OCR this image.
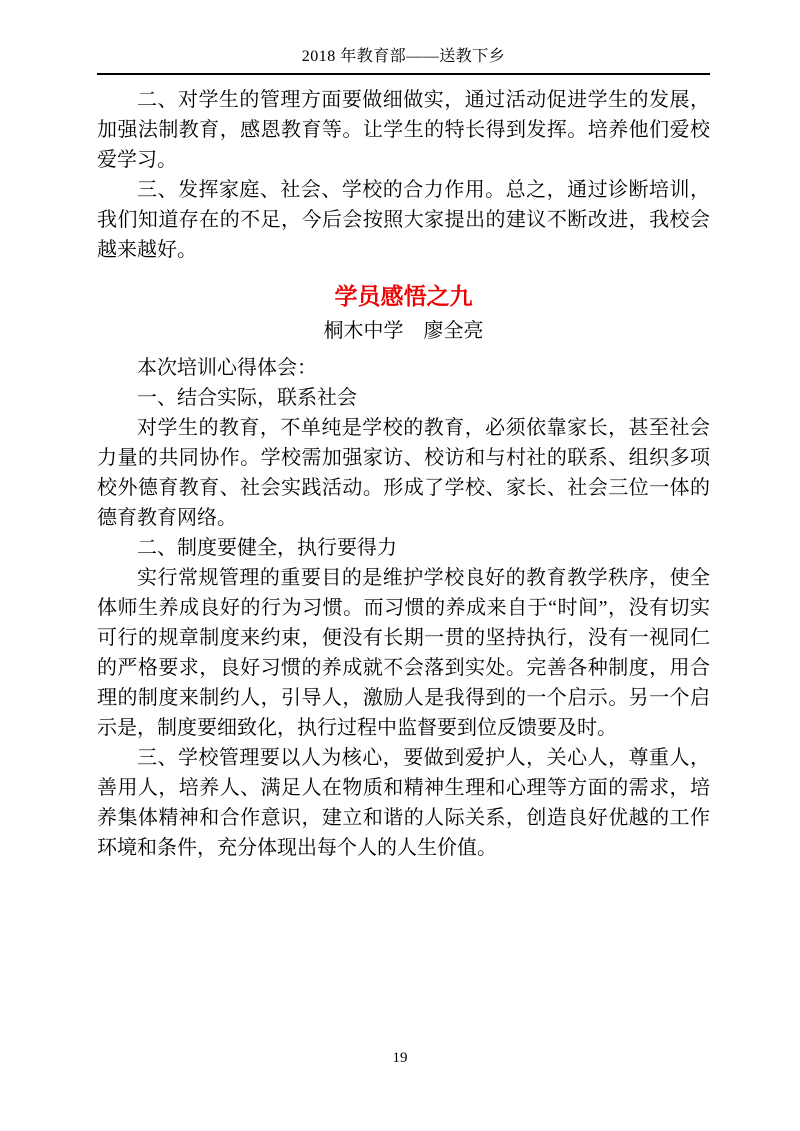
2018 年教育部——送教下乡

二、对学生的管理方面要做细做实，通过活动促进学生的发展，加强法制教育，感恩教育等。让学生的特长得到发挥。培养他们爱校爱学习。

三、发挥家庭、社会、学校的合力作用。总之，通过诊断培训，我们知道存在的不足，今后会按照大家提出的建议不断改进，我校会越来越好。

学员感悟之九
桐木中学　廖全亮

本次培训心得体会：

一、结合实际，联系社会

对学生的教育，不单纯是学校的教育，必须依靠家长，甚至社会力量的共同协作。学校需加强家访、校访和与村社的联系、组织多项校外德育教育、社会实践活动。形成了学校、家长、社会三位一体的德育教育网络。

二、制度要健全，执行要得力

实行常规管理的重要目的是维护学校良好的教育教学秩序，使全体师生养成良好的行为习惯。而习惯的养成来自于“时间”，没有切实可行的规章制度来约束，便没有长期一贯的坚持执行，没有一视同仁的严格要求，良好习惯的养成就不会落到实处。完善各种制度，用合理的制度来制约人，引导人，激励人是我得到的一个启示。另一个启示是，制度要细致化，执行过程中监督要到位反馈要及时。

三、学校管理要以人为核心，要做到爱护人，关心人，尊重人，善用人，培养人、满足人在物质和精神生理和心理等方面的需求，培养集体精神和合作意识，建立和谐的人际关系，创造良好优越的工作环境和条件，充分体现出每个人的人生价值。

19
